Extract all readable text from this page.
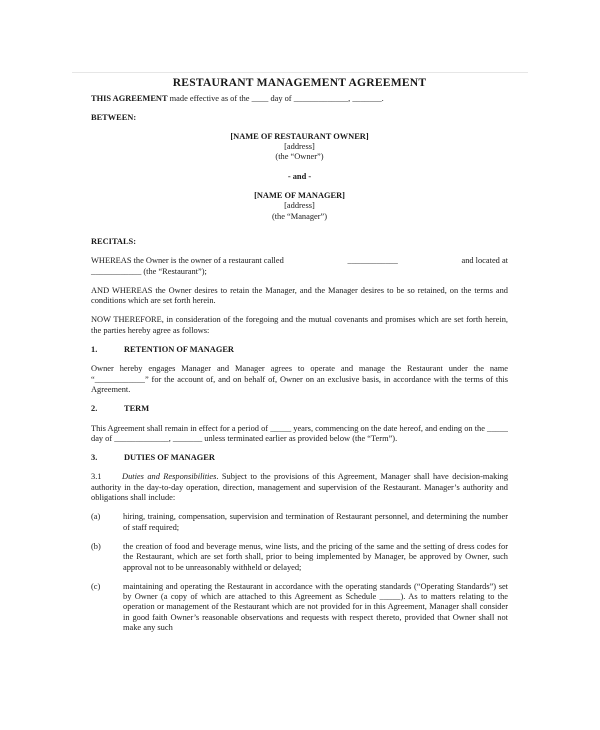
RESTAURANT MANAGEMENT AGREEMENT

THIS AGREEMENT made effective as of the ____ day of _____________, _______.

BETWEEN:

[NAME OF RESTAURANT OWNER]

[address]

(the “Owner”)

- and -

[NAME OF MANAGER]

[address]

(the “Manager”)

RECITALS:

WHEREAS the Owner is the owner of a restaurant called	____________	and located at

____________ (the “Restaurant”);

AND WHEREAS the Owner desires to retain the Manager, and the Manager desires to be so retained, on the terms and conditions which are set forth herein.

NOW THEREFORE, in consideration of the foregoing and the mutual covenants and promises which are set forth herein, the parties hereby agree as follows:

1.	RETENTION OF MANAGER

Owner hereby engages Manager and Manager agrees to operate and manage the Restaurant under the name “____________” for the account of, and on behalf of, Owner on an exclusive basis, in accordance with the terms of this Agreement.

2.	TERM

This Agreement shall remain in effect for a period of _____ years, commencing on the date hereof, and ending on the _____ day of _____________, _______ unless terminated earlier as provided below (the “Term”).

3.	DUTIES OF MANAGER

3.1 Duties and Responsibilities. Subject to the provisions of this Agreement, Manager shall have decision-making authority in the day-to-day operation, direction, management and supervision of the Restaurant. Manager’s authority and obligations shall include:

(a)	hiring, training, compensation, supervision and termination of Restaurant personnel, and determining the number of staff required;
(b)	the creation of food and beverage menus, wine lists, and the pricing of the same and the setting of dress codes for the Restaurant, which are set forth shall, prior to being implemented by Manager, be approved by Owner, such approval not to be unreasonably withheld or delayed;
(c)	maintaining and operating the Restaurant in accordance with the operating standards (“Operating Standards”) set by Owner (a copy of which are attached to this Agreement as Schedule _____). As to matters relating to the operation or management of the Restaurant which are not provided for in this Agreement, Manager shall consider in good faith Owner’s reasonable observations and requests with respect thereto, provided that Owner shall not make any such
